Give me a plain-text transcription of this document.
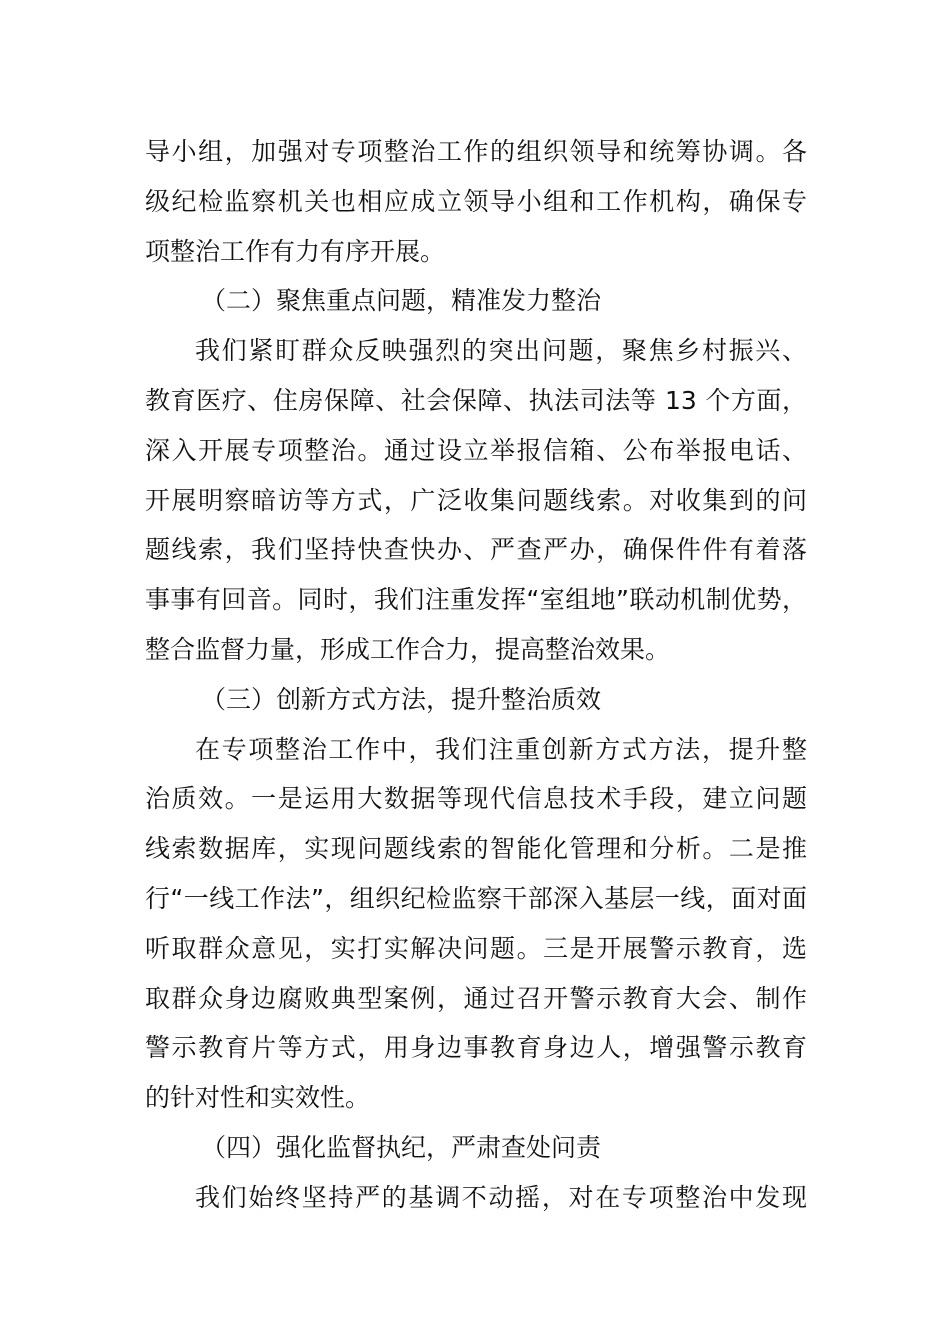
导小组，加强对专项整治工作的组织领导和统筹协调。各
级纪检监察机关也相应成立领导小组和工作机构，确保专
项整治工作有力有序开展。
（二）聚焦重点问题，精准发力整治
我们紧盯群众反映强烈的突出问题，聚焦乡村振兴、
教育医疗、住房保障、社会保障、执法司法等 13 个方面，
深入开展专项整治。通过设立举报信箱、公布举报电话、
开展明察暗访等方式，广泛收集问题线索。对收集到的问
题线索，我们坚持快查快办、严查严办，确保件件有着落
事事有回音。同时，我们注重发挥“室组地”联动机制优势，
整合监督力量，形成工作合力，提高整治效果。
（三）创新方式方法，提升整治质效
在专项整治工作中，我们注重创新方式方法，提升整
治质效。一是运用大数据等现代信息技术手段，建立问题
线索数据库，实现问题线索的智能化管理和分析。二是推
行“一线工作法”，组织纪检监察干部深入基层一线，面对面
听取群众意见，实打实解决问题。三是开展警示教育，选
取群众身边腐败典型案例，通过召开警示教育大会、制作
警示教育片等方式，用身边事教育身边人，增强警示教育
的针对性和实效性。
（四）强化监督执纪，严肃查处问责
我们始终坚持严的基调不动摇，对在专项整治中发现
